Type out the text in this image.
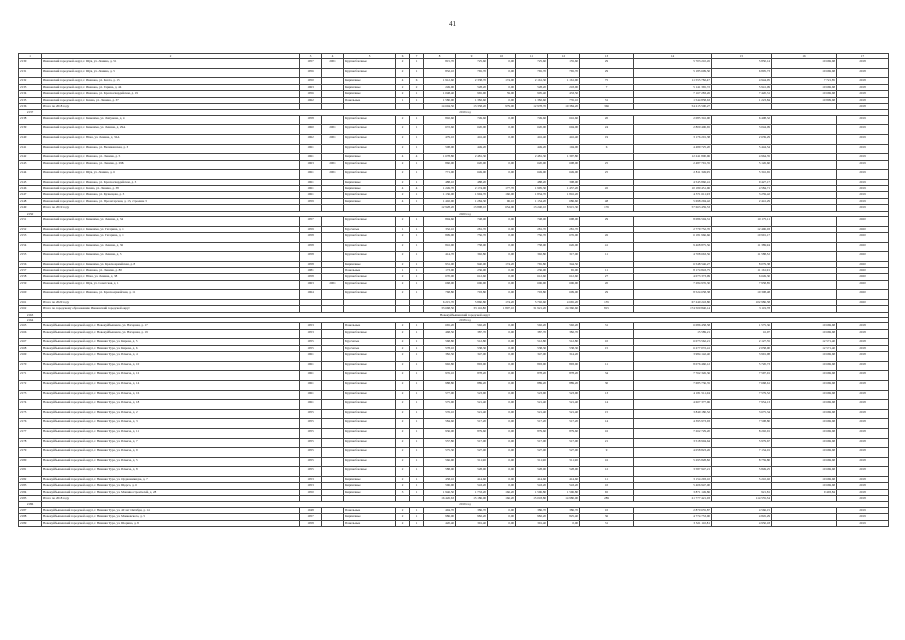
41
1	2	3	4	5	6	7	8	9	10	11	12	13	14	15	16	17
2130	Ивановский городской округ, г. Шуя, ул. Ленина, д. 51	1957	2001	Крупноблочные	2	1	815,70	725,60	0,00	725,60	155,60	29	5 703 210,45	5 850,14	10 669,68	2018
2131	Ивановский городской округ, г. Шуя, ул. Ленина, д. 5	1956		Крупноблочные	2	1	832,10	765,70	0,00	765,70	765,70	29	5 185 609,50	6 805,73	10 669,68	2018
2132	Ивановский городской округ, г. Иваново, ул. Котла, д. 15	1950		Кирпичные	4	6	1 912,60	2 338,70	174,00	2 161,30	1 161,90	75	11 555 782,47	4 944,95	7 721,85	2018
2133	Ивановский городской округ, г. Иваново, ул. Гарина, д. 44	1963		Кирпичные	2	2	249,90	528,20	0,00	528,20	218,90	7	5 141 365,72	5 941,09	10 669,68	2018
2134	Ивановский городской округ, г. Иваново, ул. Красногвардейская, д. 19	1956		Кирпичные	2	1	1 048,40	965,90	59,00	905,40	433,50		7 167 283,26	7 420,31	10 669,68	2018
2135	Ивановский городской округ, г. Кохма, ул. Ленина, д. 37	1962		Панельные	1	1	1 580,00	1 382,60	0,00	1 382,60	735,10	31	1 544 858,63	1 223,84	10 809,68	2018
2136	Итого по 2018 году						14 604,50	13 358,20	979,00	12 978,70	10 384,20	366	54 215 500,27			2018
2137	2019 год															
2138	Ивановский городской округ, г. Кинешма, ул. Ляпунова, д. 4	1958		Крупноблочные	2	1	802,60	749,60	0,00	749,60	616,60	20	2 085 316,90	6 408,32		2019
2139	Ивановский городской округ, г. Кинешма, ул. Ленина, д. 29А	1960	2001	Крупноблочные	2	1	672,60	620,00	0,00	620,00	604,00	24	2 800 406,65	3 044,09		2019
2140	Ивановский городской округ, г. Южа, ул. Ленина, д. 32А	1962	2001	Крупноблочные	2	1	479,10	416,40	0,00	416,40	416,40	19	3 176 201,38	2 639,29		2019
2141	Ивановский городской округ, г. Иваново, ул. Велижанская, д. 3	1961		Крупноблочные	2	1	508,00	449,20		449,20	104,00	6	4 489 725,20	5 444,54		2019
2142	Ивановский городской округ, г. Иваново, ул. Ленина, д. 5	1961		Кирпичные	4	4	1 678,80	2 481,30		2 481,30	1 397,80		12 241 800,96	4 964,35		2019
2143	Ивановский городской округ, г. Иваново, ул. Ленина, д. 29Б	1963	2001	Крупноблочные	2	1	860,00	620,00	0,00	620,00	608,00	25	2 487 791,35	5 126,60		2019
2144	Ивановский городской округ, г. Шуя, ул. Ленина, д. 6	1961	2001	Крупноблочные	2	1	771,00	649,00	0,00	649,00	649,00	25	2 811 349,95	5 316,65		2019
2145	Ивановский городской округ, г. Иваново, ул. Красногвардейская, д. 3	1961		Кирпичные	2	1	488,10	488,20		488,20	308,00		4 545 860,41	9 427,17		2019
2146	Ивановский городской округ, г. Кохма, ул. Ленина, д. 38	1961		Кирпичные	4	4	1 249,70	2 174,00	177,70	1 995,30	1 457,20	45	10 180 451,96	4 584,71		2019
2147	Ивановский городской округ, г. Иваново, ул. Кузнецова, д. 3	1961		Крупноблочные	2	1	1 136,00	1 994,70	160,00	1 834,70	1 816,20		4 371 611,93	3 259,42		2019
2148	Ивановский городской округ, г. Иваново, ул. Пролетарская, д. 13, строение 3	1959		Кирпичные	4	1	1 402,90	1 284,30	96,10	1 154,20	686,60	48	5 698 294,42	2 441,29		2019
2149	Итого по 2019 году						12 928,20	13 898,10	654,00	13 240,10	8 915,30	176	57 663 459,53			2019
2150	2020 год															
2151	Ивановский городской округ, г. Кинешма, ул. Ленина, д. 34	1957		Крупноблочные	2	1	804,60	748,00	0,00	748,00	698,00	29	8 086 504,31	10 175,11		2020
2152	Ивановский городской округ, г. Кинешма, ул. Гагарина, д. 1	1959		Брусчатые	1	1	332,10	281,70	0,00	281,70	281,70		2 779 752,70	12 496,03		2020
2153	Ивановский городской округ, г. Кинешма, ул. Гагарина, д. 1	1958		Крупноблочные	2	1	809,00	756,70	0,00	756,70	676,00	26	6 181 966,66	10 991,17		2020
2154	Ивановский городской округ, г. Кинешма, ул. Ленина, д. 36	1958		Крупноблочные	2	1	816,90	758,00	0,00	758,00	626,00	41	9 468 875,56	11 389,94		2020
2155	Ивановский городской округ, г. Кинешма, ул. Ленина, д. 5	1958		Крупноблочные	2	1	414,70	392,80	0,00	392,80	317,00	11	4 708 663,56	11 588,52		2020
2156	Ивановский городской округ, г. Кинешма, ул. Красноармейская, д. 8	1958		Кирпичные	2	1	931,00	940,00	174,20	765,80	344,50		6 548 546,27	8 079,38		2020
2157	Ивановский городской округ, г. Иваново, ул. Ленина, д. 80	1981		Панельные	1	1	173,00	236,00	0,00	236,00	65,00	11	8 174 843,75	11 161,91		2020
2158	Ивановский городской округ, г. Южа, ул. Ленина, д. 38	1958		Крупноблочные	2	1	670,00	612,60	0,00	612,60	612,60	27	4 073 373,99	6 649,30		2020
2159	Ивановский городской округ, г. Шуя, ул. Советская, д. 1	1963	2001	Крупноблочные	2	1	668,00	606,90	0,00	606,90	606,90	20	7 284 976,30	7 958,85		2020
2160	Ивановский городской округ, г. Иваново, ул. Красноармейская, д. 11	1964		Крупноблочные	2	1	768,80	703,80	0,00	703,80	609,00	29	8 524 658,38	10 308,48		2020
2161	Итого по 2020 году						6 215,70	5 860,80	174,20	5 702,60	4 665,20	135	67 240 243,80	102 986,58		2020
2162	Итого по городскому образованию Ивановский городской округ						33 668,50	33 116,80	1 807,10	31 921,20	24 360,60	815	174 500 840,14	3 119,78		
2163	Новокуйбышевский городской округ															
2164	2018 год															
2165	Новокуйбышевский городской округ, г. Новокуйбышевск, ул. Нагорная, д. 17	1953		Панельные	2	1	665,20	592,20	0,00	592,20	592,20	31	6 086 458,58	1 575,36	10 669,68	2018
2166	Новокуйбышевский городской округ, г. Новокуйбышевск, ул. Нагорная, д. 19	1953		Крупноблочные	2	1	468,50	387,70	0,00	387,70	382,70		15 589,21	16,97	10 669,68	2018
2167	Новокуйбышевский городской округ, г. Нижняя Тура, ул. Кирова, д. 5	1955		Брусчатые	2	1	568,80	512,80	0,00	512,80	512,80	10	6 073 562,21	2 127,55	12 571,40	2018
2168	Новокуйбышевский городской округ, г. Нижняя Тура, ул. Кирова, д. 6	1955		Брусчатые	2	1	578,10	538,30	0,00	538,30	538,30	15	6 277 072,41	2 058,90	12 571,40	2018
2169	Новокуйбышевский городской округ, г. Нижняя Тура, ул. Ильича, д. 4	1961		Крупноблочные	2	1	382,50	347,00	0,00	347,00	314,20		3 984 142,40	3 991,98	10 669,68	2018
2170	Новокуйбышевский городской округ, г. Нижняя Тура, ул. Ильича, д. 10	1961		Крупноблочные	2	1	992,80	893,90	0,00	893,90	893,90	11	8 076 460,12	5 720,73	10 669,68	2018
2171	Новокуйбышевский городской округ, г. Нижняя Тура, ул. Ильича, д. 12	1961		Крупноблочные	2	1	976,10	878,20	0,00	878,20	878,20	34	7 762 326,36	7 597,91	10 669,68	2018
2172	Новокуйбышевский городской округ, г. Нижняя Тура, ул. Ильича, д. 14	1961		Крупноблочные	2	1	988,80	889,20	0,00	889,20	889,20	30	7 685 736,35	7 668,61	10 669,68	2018
2173	Новокуйбышевский городской округ, г. Нижняя Тура, ул. Ильича, д. 16	1961		Крупноблочные	2	1	577,00	523,90	0,00	523,90	523,90	13	4 181 511,04	7 579,52	10 669,68	2018
2174	Новокуйбышевский городской округ, г. Нижняя Тура, ул. Ильича, д. 18	1961		Крупноблочные	2	1	575,90	521,40	0,00	521,40	521,40	14	4 607 377,96	7 954,13	10 669,68	2018
2175	Новокуйбышевский городской округ, г. Нижняя Тура, ул. Ильича, д. 2	1955		Крупноблочные	2	1	576,10	521,40	0,00	521,40	521,40	15	3 849 180,52	3 675,34	10 669,68	2018
2176	Новокуйбышевский городской округ, г. Нижняя Тура, ул. Ильича, д. 3	1955		Крупноблочные	2	1	584,60	517,20	0,00	517,20	517,20	14	4 395 973,93	7 508,80	10 669,68	2018
2177	Новокуйбышевский городской округ, г. Нижняя Тура, ул. Ильича, д. 11	1955		Крупноблочные	2	1	936,00	879,60	0,00	879,60	879,60	16	7 262 729,20	8 202,91	10 669,68	2018
2178	Новокуйбышевский городской округ, г. Нижняя Тура, ул. Ильича, д. 7	1955		Крупноблочные	2	1	557,80	517,00	0,00	517,00	517,00	21	3 518 904,64	5 979,67	10 669,68	2018
2179	Новокуйбышевский городской округ, г. Нижняя Тура, ул. Ильича, д. 9	1955		Крупноблочные	2	1	575,30	527,00	0,00	527,00	527,00	9	4 058 823,26	7 134,01	10 669,68	2018
2180	Новокуйбышевский городской округ, г. Нижняя Тура, ул. Ильича, д. 5	1955		Крупноблочные	2	1	566,90	511,90	0,00	511,90	511,90	16	5 295 828,82	8 759,80	10 669,68	2018
2181	Новокуйбышевский городской округ, г. Нижняя Тура, ул. Ильича, д. 8	1955		Крупноблочные	2	1	588,00	528,90	0,00	528,90	528,90	12	3 587 947,21	5 849,25	10 669,68	2018
2182	Новокуйбышевский городской округ, г. Нижняя Тура, ул. Орджоникидзе, д. 7	1953		Кирпичные	2	1	458,10	414,60	0,00	414,60	414,60	11	3 154 293,10	5 210,02	10 669,68	2018
2183	Новокуйбышевский городской округ, г. Нижняя Тура, ул. Щорса, д. 6	1953		Кирпичные	2	1	596,90	543,20	0,00	543,20	543,20	10	5 406 947,00		10 669,68	2018
2184	Новокуйбышевский городской округ, г. Нижняя Тура, ул. Машиностроителей, д. 28	1950		Кирпичные	3	1	1 946,50	1 733,20	166,20	1 596,80	1 596,80	65	3 871 149,86	921,81	9 493,84	2018
2185	Итого по 2018 году						16 426,63	15 186,00	166,20	15 018,80	14 980,00	289	21 777 421,93	114 555,34		2018
2186	2019 год															
2187	Новокуйбышевский городской округ, г. Нижняя Тура, ул. 40 лет Октября, д. 14	1948		Панельные	2	1	494,70	386,70	0,00	386,70	386,70	10	2 870 655,87	4 566,15		2019
2188	Новокуйбышевский городской округ, г. Нижняя Тура, ул. Маяковского, д. 5	1957		Кирпичные	2	1	986,00	982,20	0,00	982,20	825,40	36	4 774 753,90	4 845,29		2019
2189	Новокуйбышевский городской округ, г. Нижняя Тура, ул. Шорина, д. 8	1958		Панельные	2	1	420,40	391,40	0,00	391,40	0,00	31	3 321 110,81	4 950,18		2019
